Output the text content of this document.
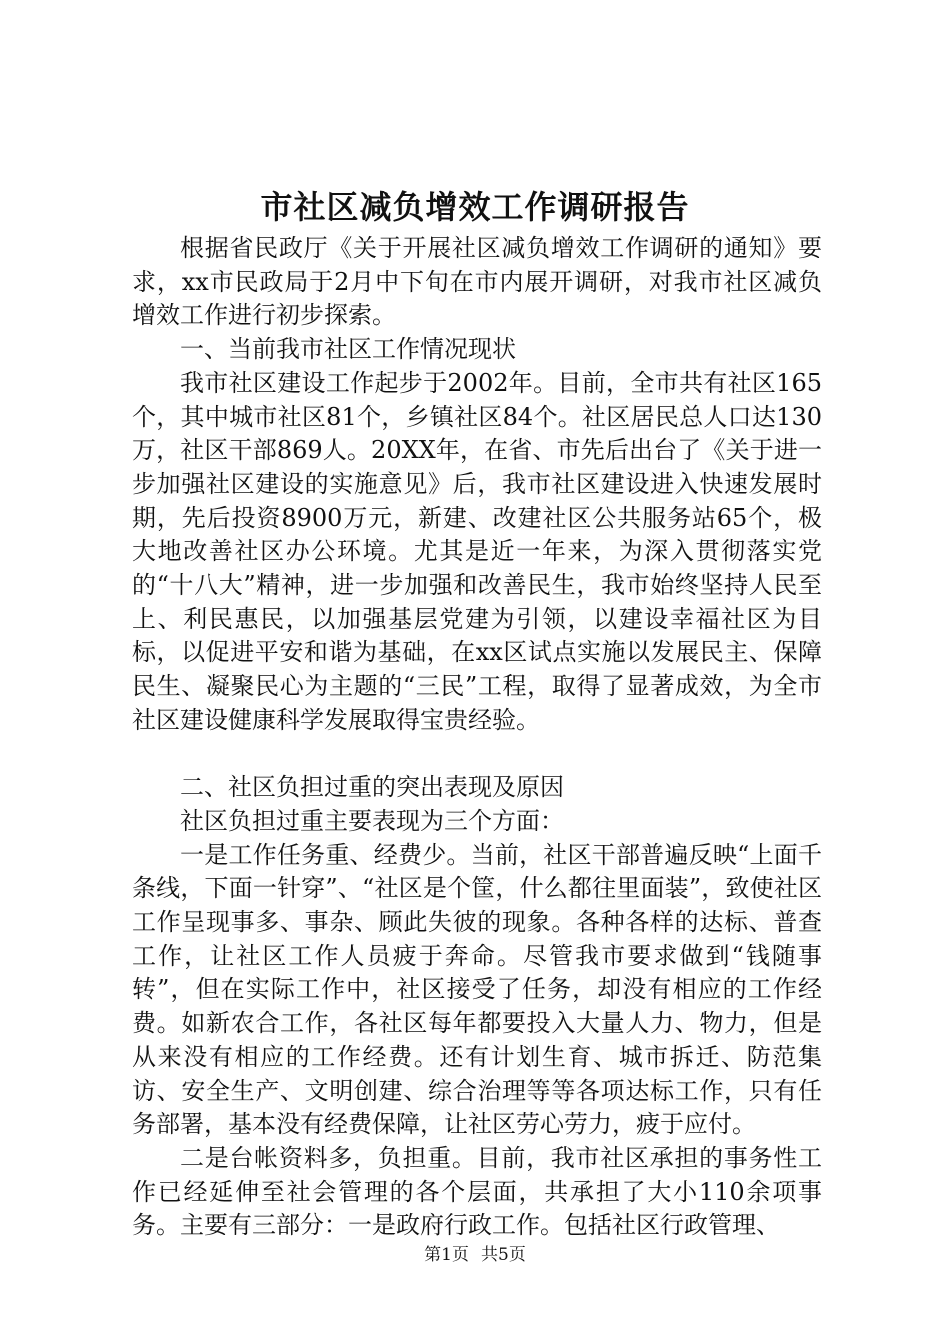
市社区减负增效工作调研报告

根据省民政厅《关于开展社区减负增效工作调研的通知》要求，xx市民政局于2月中下旬在市内展开调研，对我市社区减负增效工作进行初步探索。

一、当前我市社区工作情况现状

我市社区建设工作起步于2002年。目前，全市共有社区165个，其中城市社区81个，乡镇社区84个。社区居民总人口达130万，社区干部869人。20XX年，在省、市先后出台了《关于进一步加强社区建设的实施意见》后，我市社区建设进入快速发展时期，先后投资8900万元，新建、改建社区公共服务站65个，极大地改善社区办公环境。尤其是近一年来，为深入贯彻落实党的“十八大”精神，进一步加强和改善民生，我市始终坚持人民至上、利民惠民，以加强基层党建为引领，以建设幸福社区为目标，以促进平安和谐为基础，在xx区试点实施以发展民主、保障民生、凝聚民心为主题的“三民”工程，取得了显著成效，为全市社区建设健康科学发展取得宝贵经验。

二、社区负担过重的突出表现及原因

社区负担过重主要表现为三个方面：

一是工作任务重、经费少。当前，社区干部普遍反映“上面千条线，下面一针穿”、“社区是个筐，什么都往里面装”，致使社区工作呈现事多、事杂、顾此失彼的现象。各种各样的达标、普查工作，让社区工作人员疲于奔命。尽管我市要求做到“钱随事转”，但在实际工作中，社区接受了任务，却没有相应的工作经费。如新农合工作，各社区每年都要投入大量人力、物力，但是从来没有相应的工作经费。还有计划生育、城市拆迁、防范集访、安全生产、文明创建、综合治理等等各项达标工作，只有任务部署，基本没有经费保障，让社区劳心劳力，疲于应付。

二是台帐资料多，负担重。目前，我市社区承担的事务性工作已经延伸至社会管理的各个层面，共承担了大小110余项事务。主要有三部分：一是政府行政工作。包括社区行政管理、

第1页 共5页
